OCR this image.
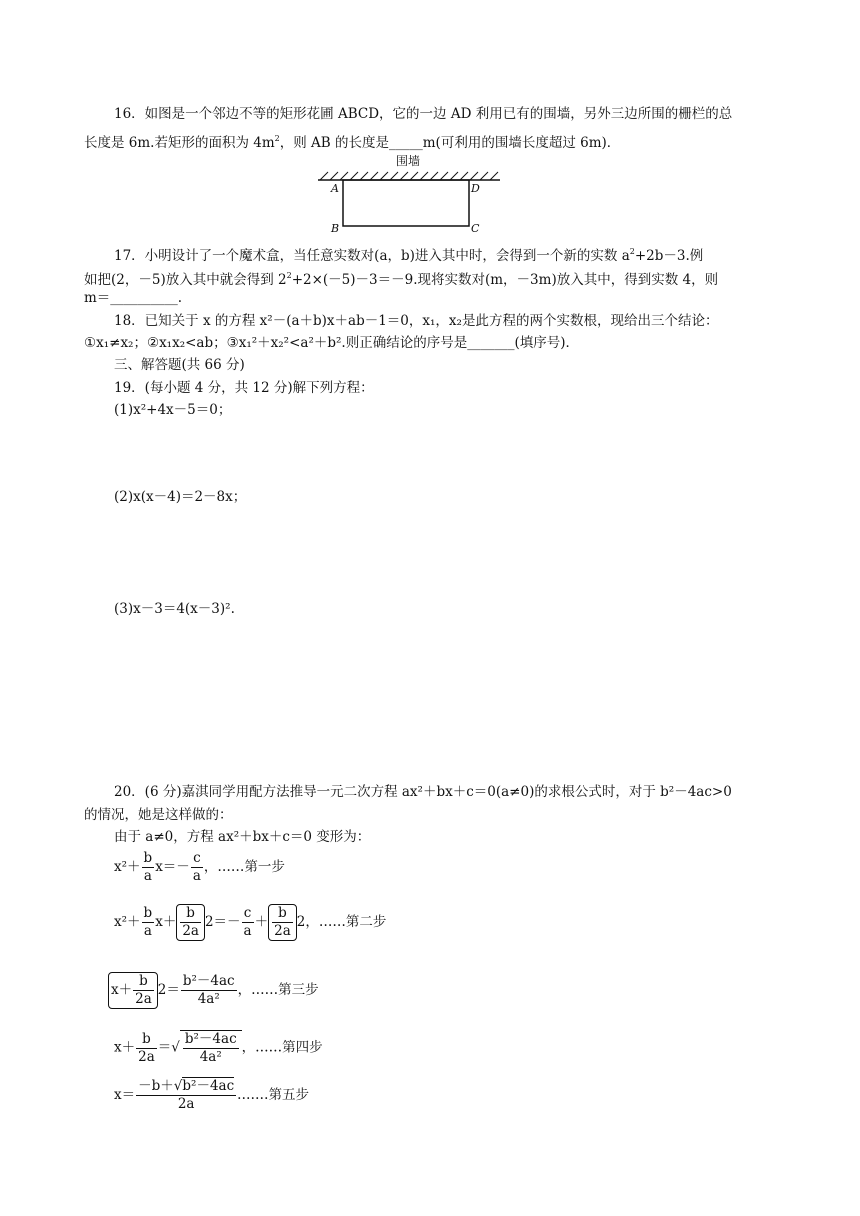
16．如图是一个邻边不等的矩形花圃 ABCD，它的一边 AD 利用已有的围墙，另外三边所围的栅栏的总
长度是 6m.若矩形的面积为 $4m^2$，则 AB 的长度是_____m(可利用的围墙长度超过 6m)．
围墙
A	D
B	C
17．小明设计了一个魔术盒，当任意实数对(a，b)进入其中时，会得到一个新的实数 $a^2+2b-3$.例
如把(2，－5)放入其中就会得到 $2^2+2\times(-5)-3=-9$.现将实数对(m，－3m)放入其中，得到实数 4，则
m＝__________.
18．已知关于 x 的方程 x²－(a＋b)x＋ab－1＝0，x₁，x₂是此方程的两个实数根，现给出三个结论：
①x₁≠x₂；②x₁x₂<ab；③x₁²＋x₂²<a²＋b².则正确结论的序号是_______(填序号)．
三、解答题(共 66 分)
19．(每小题 4 分，共 12 分)解下列方程：
(1)x²+4x－5＝0；
(2)x(x－4)＝2－8x；
(3)x－3＝4(x－3)².
20．(6 分)嘉淇同学用配方法推导一元二次方程 ax²＋bx＋c＝0(a≠0)的求根公式时，对于 b²－4ac>0
的情况，她是这样做的：
由于 a≠0，方程 ax²＋bx＋c＝0 变形为：
$x^2+ \frac{b}{a} x=- \frac{c}{a}$ ，……第一步
$x^2+ \frac{b}{a} x+ \frac{b}{2a} 2=- \frac{c}{a} + \frac{b}{2a} 2$，……第二步
$x+ \frac{b}{2a} 2= \frac{\text{b²－4ac}}{\text{4a²}}$ ，……第三步
$x+ \frac{b}{2a}$ ＝√ $\frac{\text{b²－4ac}}{\text{4a²}}$ ，……第四步
$x= \frac{\text{－b＋√b²－4ac}}{2a}$ .……第五步
